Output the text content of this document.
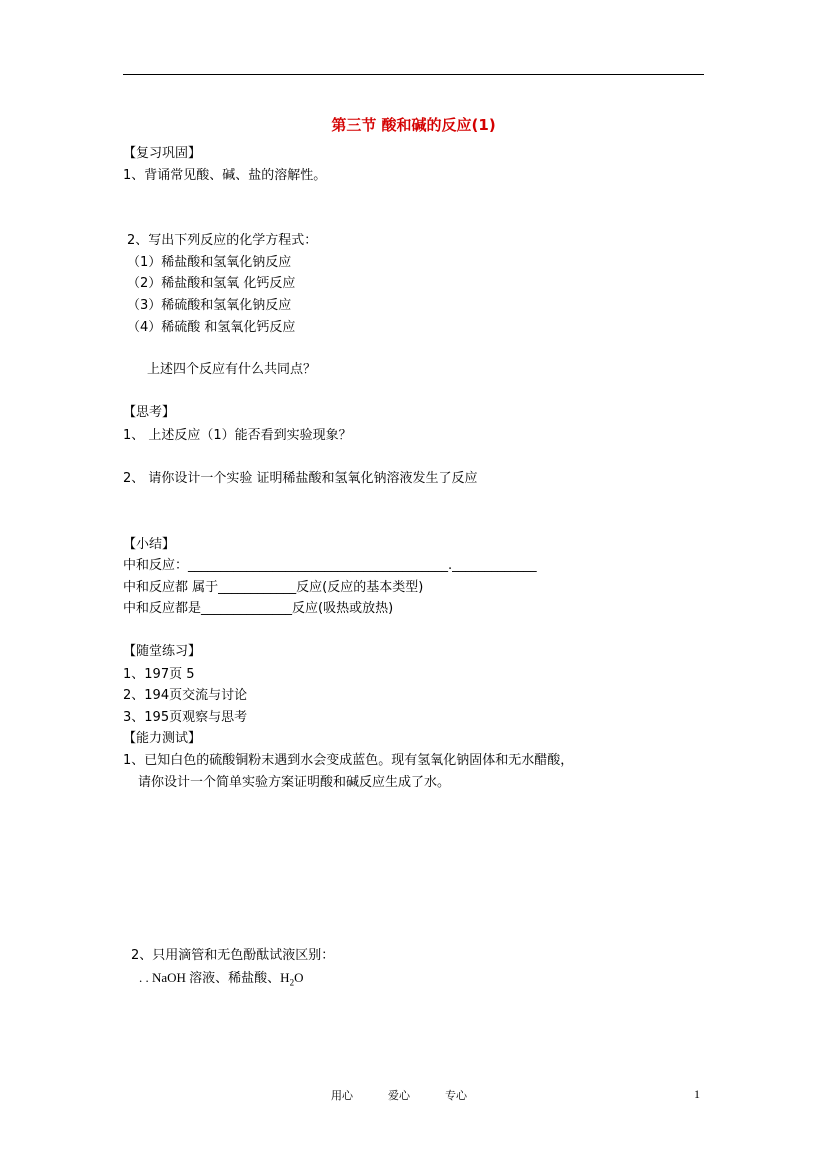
第三节 酸和碱的反应(1)
【复习巩固】
1、背诵常见酸、碱、盐的溶解性。
2、写出下列反应的化学方程式：
（1）稀盐酸和氢氧化钠反应
（2）稀盐酸和氢氧 化钙反应
（3）稀硫酸和氢氧化钠反应
（4）稀硫酸 和氢氧化钙反应
上述四个反应有什么共同点？
【思考】
1、 上述反应（1）能否看到实验现象？
2、 请你设计一个实验 证明稀盐酸和氢氧化钠溶液发生了反应
【小结】
中和反应：________________________________________._____________
中和反应都 属于____________反应(反应的基本类型)
中和反应都是______________反应(吸热或放热)
【随堂练习】
1、197页 5
2、194页交流与讨论
3、195页观察与思考
【能力测试】
1、已知白色的硫酸铜粉末遇到水会变成蓝色。现有氢氧化钠固体和无水醋酸，
请你设计一个简单实验方案证明酸和碱反应生成了水。
2、只用滴管和无色酚酞试液区别：
. . NaOH 溶液、稀盐酸、$H_2O$
用心	爱心	专心	1
